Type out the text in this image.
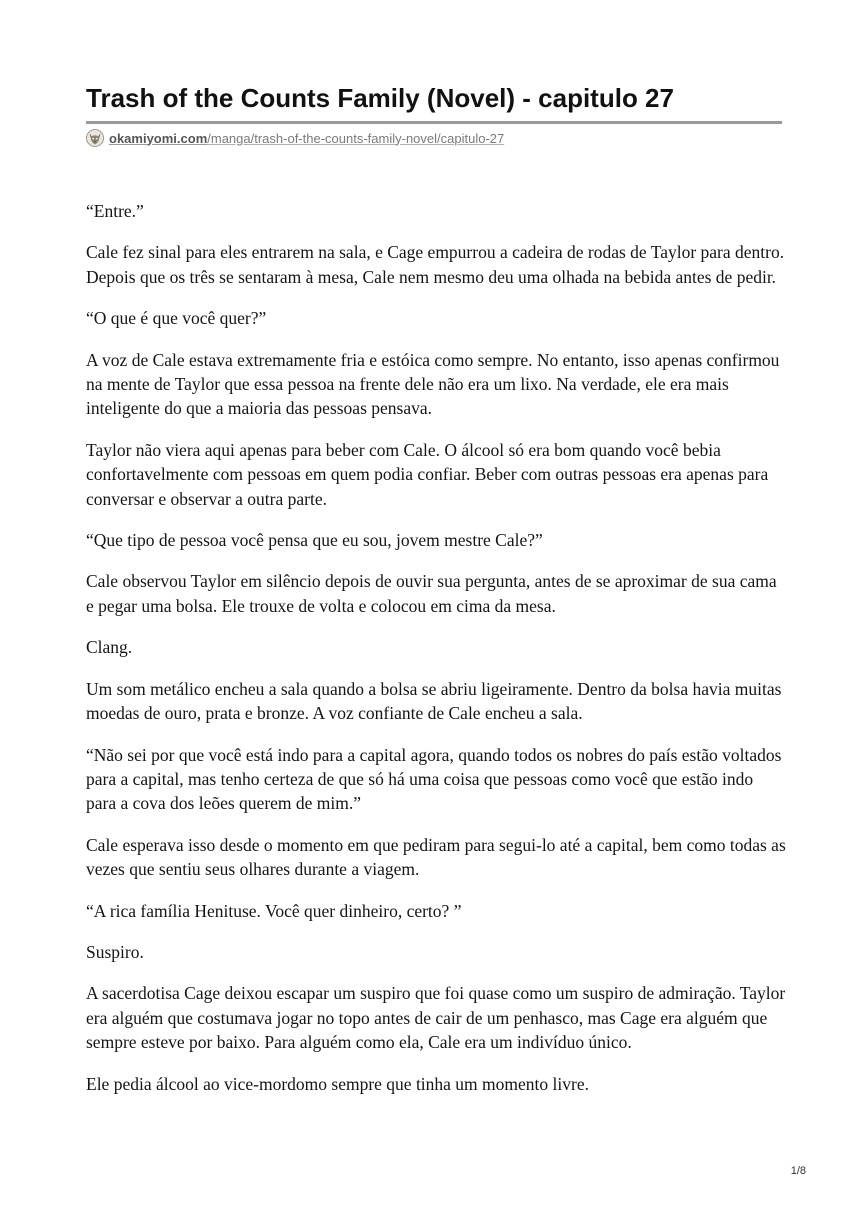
Trash of the Counts Family (Novel) - capitulo 27
okamiyomi.com /manga/trash-of-the-counts-family-novel/capitulo-27

“Entre.”

Cale fez sinal para eles entrarem na sala, e Cage empurrou a cadeira de rodas de Taylor para dentro. Depois que os três se sentaram à mesa, Cale nem mesmo deu uma olhada na bebida antes de pedir.

“O que é que você quer?”

A voz de Cale estava extremamente fria e estóica como sempre. No entanto, isso apenas confirmou na mente de Taylor que essa pessoa na frente dele não era um lixo. Na verdade, ele era mais inteligente do que a maioria das pessoas pensava.

Taylor não viera aqui apenas para beber com Cale. O álcool só era bom quando você bebia confortavelmente com pessoas em quem podia confiar. Beber com outras pessoas era apenas para conversar e observar a outra parte.

“Que tipo de pessoa você pensa que eu sou, jovem mestre Cale?”

Cale observou Taylor em silêncio depois de ouvir sua pergunta, antes de se aproximar de sua cama e pegar uma bolsa. Ele trouxe de volta e colocou em cima da mesa.

Clang.

Um som metálico encheu a sala quando a bolsa se abriu ligeiramente. Dentro da bolsa havia muitas moedas de ouro, prata e bronze. A voz confiante de Cale encheu a sala.

“Não sei por que você está indo para a capital agora, quando todos os nobres do país estão voltados para a capital, mas tenho certeza de que só há uma coisa que pessoas como você que estão indo para a cova dos leões querem de mim.”

Cale esperava isso desde o momento em que pediram para segui-lo até a capital, bem como todas as vezes que sentiu seus olhares durante a viagem.

“A rica família Henituse. Você quer dinheiro, certo? ”

Suspiro.

A sacerdotisa Cage deixou escapar um suspiro que foi quase como um suspiro de admiração. Taylor era alguém que costumava jogar no topo antes de cair de um penhasco, mas Cage era alguém que sempre esteve por baixo. Para alguém como ela, Cale era um indivíduo único.

Ele pedia álcool ao vice-mordomo sempre que tinha um momento livre.

1/8
